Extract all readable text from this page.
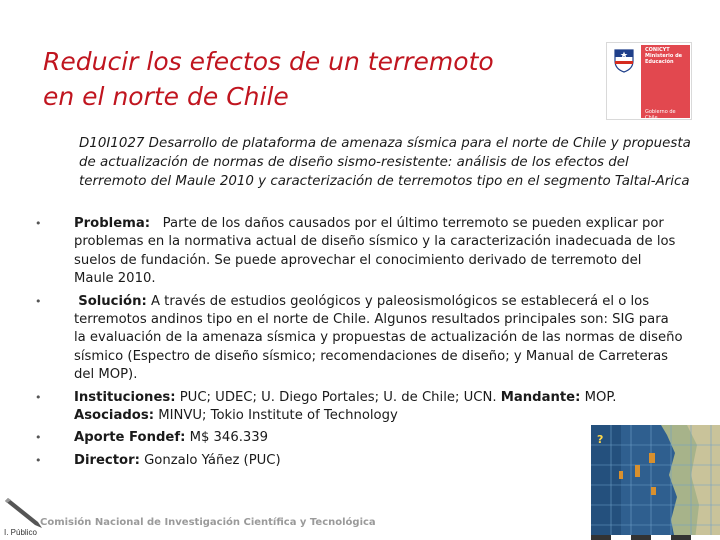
Reducir los efectos de un terremoto
en el norte de Chile
CONICYT
Ministerio de
Educación
Gobierno de Chile
D10I1027 Desarrollo de plataforma de amenaza sísmica para el norte de Chile y propuesta de actualización de normas de diseño sismo-resistente: análisis de los efectos del terremoto del Maule 2010 y caracterización de terremotos tipo en el segmento Taltal-Arica
• Problema: Parte de los daños causados por el último terremoto se pueden explicar por problemas en la normativa actual de diseño sísmico y la caracterización inadecuada de los suelos de fundación. Se puede aprovechar el conocimiento derivado de terremoto del Maule 2010.
•	Solución: A través de estudios geológicos y paleosismológicos se establecerá el o los terremotos andinos tipo en el norte de Chile. Algunos resultados principales son: SIG para la evaluación de la amenaza sísmica y propuestas de actualización de las normas de diseño sísmico (Espectro de diseño sísmico; recomendaciones de diseño; y Manual de Carreteras del MOP).
• Instituciones: PUC; UDEC; U. Diego Portales; U. de Chile; UCN. Mandante: MOP.  Asociados: MINVU; Tokio Institute of Technology
• Aporte Fondef: M$ 346.339
• Director: Gonzalo Yáñez (PUC)
?
Comisión Nacional de Investigación Científica y Tecnológica
I. Público
